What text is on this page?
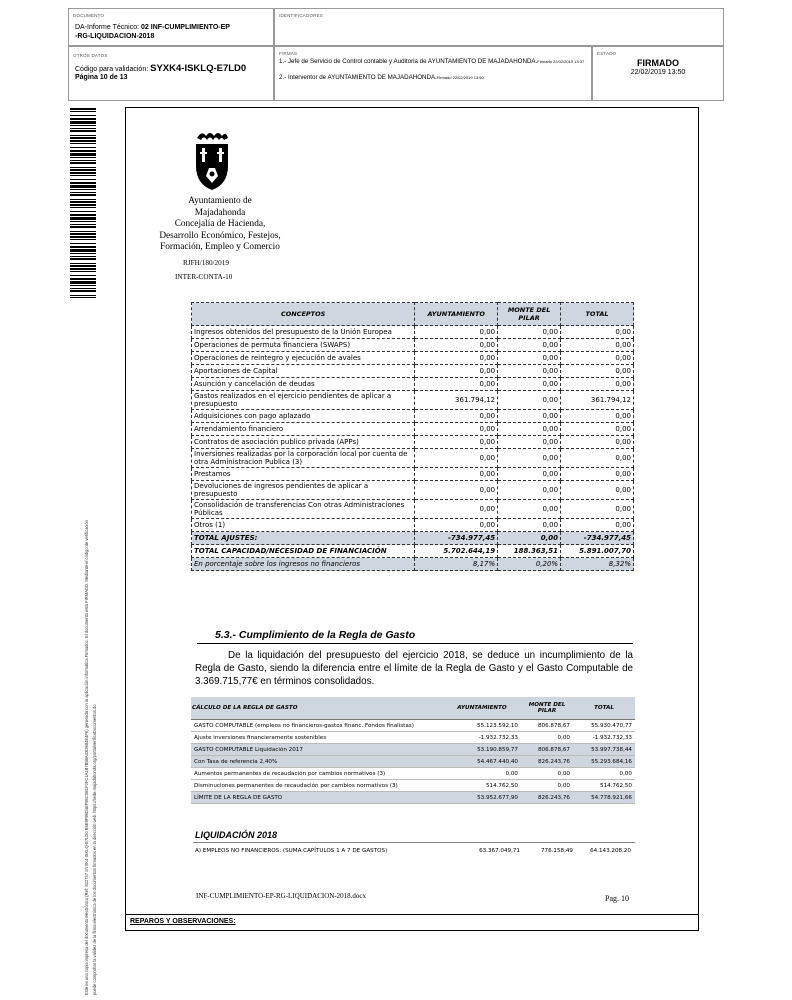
DOCUMENTO
DA-Informe Técnico: 02 INF-CUMPLIMIENTO-EP
-RG-LIQUIDACION-2018
IDENTIFICADORES
OTROS DATOS
Código para validación: SYXK4-ISKLQ-E7LD0
Página 10 de 13
FIRMAS
1.- Jefe de Servicio de Control contable y Auditoria de AYUNTAMIENTO DE MAJADAHONDA.Firmado 22/02/2019 13:37
2.- Interventor de AYUNTAMIENTO DE MAJADAHONDA.Firmado 22/02/2019 13:50
ESTADO
FIRMADO
22/02/2019 13:50
Este es una copia impresa del documento electrónico (Ref: 822737 SYXK4-ISKLQ-E7LD0 B5E9F99D4EF95C0B1F2FC4A1B7B98A33D6B4E4F6) generada con la aplicación informática Firmadoc. El documento está FIRMADO. Mediante el código de verificación puede comprobar la validez de la firma electrónica de los documentos firmados en la dirección web: https://sede.majadahonda.org/portal/verificaDocumentos.do	REPAROS Y OBSERVACIONES:
Ayuntamiento de
Majadahonda
Concejalía de Hacienda,
Desarrollo Económico, Festejos,
Formación, Empleo y Comercio
RJFH/180/2019
INTER-CONTA-10
CONCEPTOS	AYUNTAMIENTO	MONTE DEL PILAR	TOTAL
Ingresos obtenidos del presupuesto de la Unión Europea	0,00	0,00	0,00
Operaciones de permuta financiera (SWAPS)	0,00	0,00	0,00
Operaciones de reintegro y ejecución de avales	0,00	0,00	0,00
Aportaciones de Capital	0,00	0,00	0,00
Asunción y cancelación de deudas	0,00	0,00	0,00
Gastos realizados en el ejercicio pendientes de aplicar a presupuesto	361.794,12	0,00	361.794,12
Adquisiciones con pago aplazado	0,00	0,00	0,00
Arrendamiento financiero	0,00	0,00	0,00
Contratos de asociación publico privada (APPs)	0,00	0,00	0,00
Inversiones realizadas por la corporación local por cuenta de otra Administracion Publica (3)	0,00	0,00	0,00
Prestamos	0,00	0,00	0,00
Devoluciones de ingresos pendientes de aplicar a presupuesto	0,00	0,00	0,00
Consolidación de transferencias Con otras Administraciones Públicas	0,00	0,00	0,00
Otros (1)	0,00	0,00	0,00
TOTAL AJUSTES:	-734.977,45	0,00	-734.977,45
TOTAL CAPACIDAD/NECESIDAD DE FINANCIACIÓN	5.702.644,19	188.363,51	5.891.007,70
En porcentaje sobre los ingresos no financieros	8,17%	0,20%	8,32%
5.3.- Cumplimiento de la Regla de Gasto
De la liquidación del presupuesto del ejercicio 2018, se deduce un incumplimiento de la Regla de Gasto, siendo la diferencia entre el límite de la Regla de Gasto y el Gasto Computable de 3.369.715,77€ en términos consolidados.
CÁLCULO DE LA REGLA DE GASTO	AYUNTAMIENTO	MONTE DEL PILAR	TOTAL
GASTO COMPUTABLE (empleos no financieros-gastos financ. Fondos finalistas)	55.123.592,10	806.878,67	55.930.470,77
Ajuste inversiones financieramente sostenibles	-1.932.732,33	0,00	-1.932.732,33
GASTO COMPUTABLE Liquidación 2017	53.190.859,77	806.878,67	53.997.738,44
Con Tasa de referencia 2,40%	54.467.440,40	826.243,76	55.293.684,16
Aumentos permanentes de recaudación por cambios normativos (3)	0,00	0,00	0,00
Disminuciones permanentes de recaudación por cambios normativos (3)	514.762,50	0,00	514.762,50
LÍMITE DE LA REGLA DE GASTO	53.952.677,90	826.243,76	54.778.921,66
LIQUIDACIÓN 2018
A) EMPLEOS NO FINANCIEROS: (SUMA CAPÍTULOS 1 A 7 DE GASTOS)	63.367.049,71	776.158,49	64.143.208,20
INF-CUMPLIMIENTO-EP-RG-LIQUIDACION-2018.docx	Pag. 10
